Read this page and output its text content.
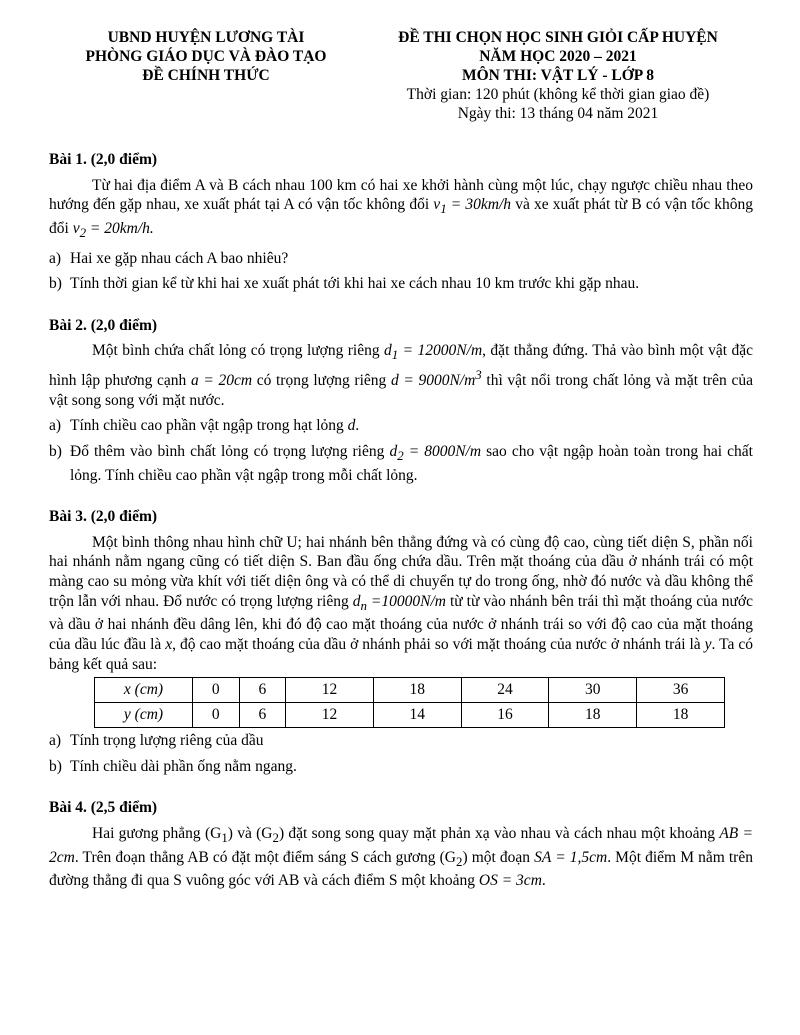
UBND HUYỆN LƯƠNG TÀI
PHÒNG GIÁO DỤC VÀ ĐÀO TẠO
ĐỀ CHÍNH THỨC
ĐỀ THI CHỌN HỌC SINH GIỎI CẤP HUYỆN
NĂM HỌC 2020 – 2021
MÔN THI: VẬT LÝ - LỚP 8
Thời gian: 120 phút (không kể thời gian giao đề)
Ngày thi: 13 tháng 04 năm 2021
Bài 1. (2,0 điểm)
Từ hai địa điểm A và B cách nhau 100 km có hai xe khởi hành cùng một lúc, chạy ngược chiều nhau theo hướng đến gặp nhau, xe xuất phát tại A có vận tốc không đổi $v_1 = 30km/h$ và xe xuất phát từ B có vận tốc không đổi $v_2 = 20km/h$.
a) Hai xe gặp nhau cách A bao nhiêu?
b) Tính thời gian kể từ khi hai xe xuất phát tới khi hai xe cách nhau 10 km trước khi gặp nhau.
Bài 2. (2,0 điểm)
Một bình chứa chất lỏng có trọng lượng riêng $d_1 = 12000N/m$, đặt thẳng đứng. Thả vào bình một vật đặc hình lập phương cạnh a = 20cm có trọng lượng riêng $d = 9000N/m^3$ thì vật nổi trong chất lỏng và mặt trên của vật song song với mặt nước.
a) Tính chiều cao phần vật ngập trong hạt lỏng d.
b) Đổ thêm vào bình chất lỏng có trọng lượng riêng $d_2 = 8000N/m$ sao cho vật ngập hoàn toàn trong hai chất lỏng. Tính chiều cao phần vật ngập trong mỗi chất lỏng.
Bài 3. (2,0 điểm)
Một bình thông nhau hình chữ U; hai nhánh bên thẳng đứng và có cùng độ cao, cùng tiết diện S, phần nối hai nhánh nằm ngang cũng có tiết diện S. Ban đầu ống chứa dầu. Trên mặt thoáng của dầu ở nhánh trái có một màng cao su mỏng vừa khít với tiết diện ông và có thể di chuyển tự do trong ống, nhờ đó nước và dầu không thể trộn lẫn với nhau. Đổ nước có trọng lượng riêng $d_n =10000N/m$ từ từ vào nhánh bên trái thì mặt thoáng của nước và dầu ở hai nhánh đều dâng lên, khi đó độ cao mặt thoáng của nước ở nhánh trái so với độ cao của mặt thoáng của dầu lúc đầu là x, độ cao mặt thoáng của dầu ở nhánh phải so với mặt thoáng của nước ở nhánh trái là y. Ta có bảng kết quả sau:
x (cm)	0	6	12	18	24	30	36
y (cm)	0	6	12	14	16	18	18
a) Tính trọng lượng riêng của dầu
b) Tính chiều dài phần ống nằm ngang.
Bài 4. (2,5 điểm)
Hai gương phẳng $(G_1)$ và $(G_2)$ đặt song song quay mặt phản xạ vào nhau và cách nhau một khoảng AB = 2cm. Trên đoạn thẳng AB có đặt một điểm sáng S cách gương $(G_2)$ một đoạn SA = 1,5cm. Một điểm M nằm trên đường thẳng đi qua S vuông góc với AB và cách điểm S một khoảng OS = 3cm.
